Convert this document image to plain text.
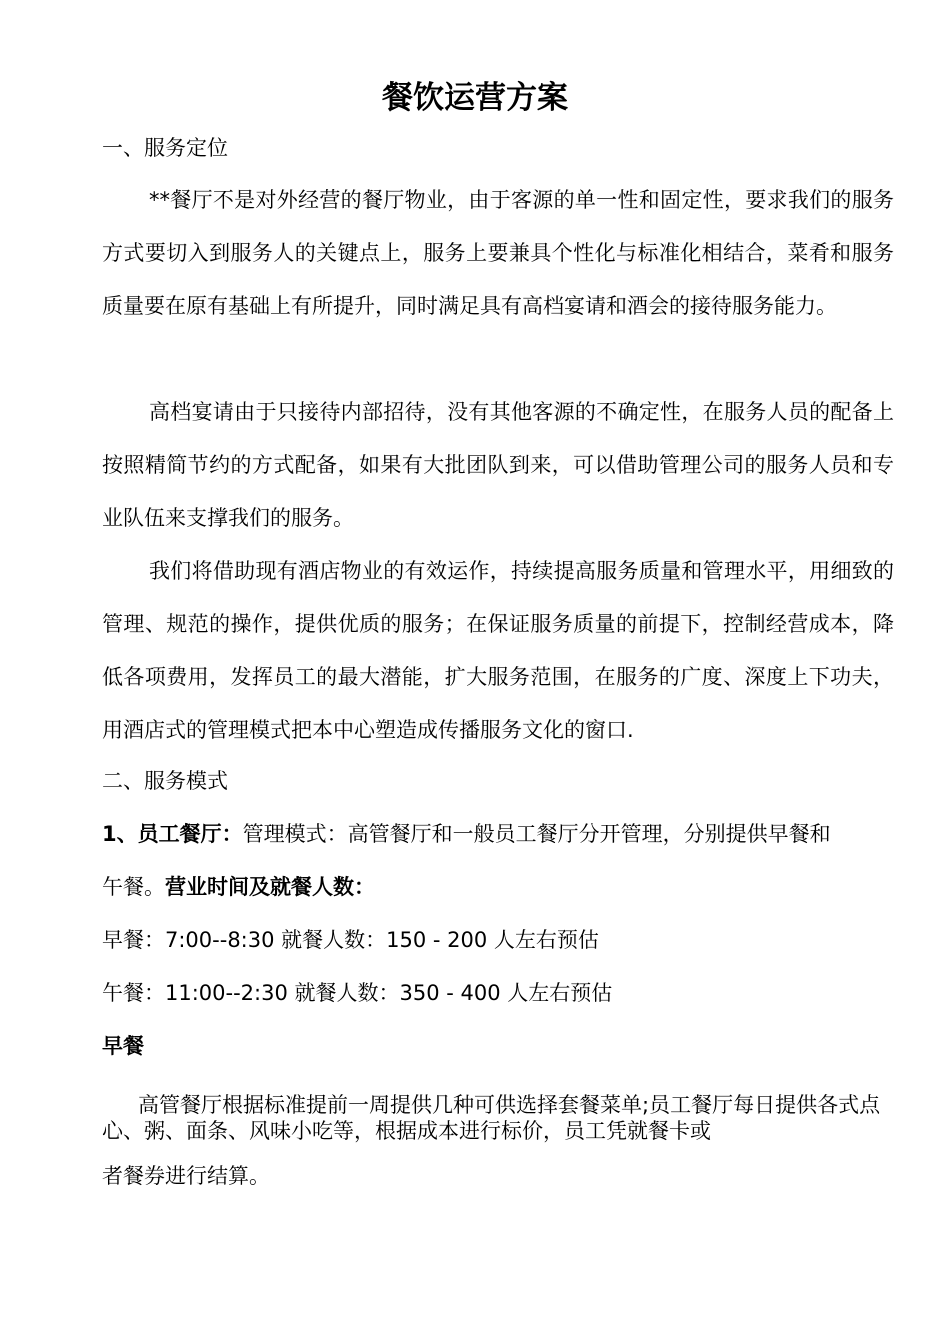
餐饮运营方案
一、服务定位

**餐厅不是对外经营的餐厅物业，由于客源的单一性和固定性，要求我们的服务方式要切入到服务人的关键点上，服务上要兼具个性化与标准化相结合，菜肴和服务质量要在原有基础上有所提升，同时满足具有高档宴请和酒会的接待服务能力。

高档宴请由于只接待内部招待，没有其他客源的不确定性，在服务人员的配备上按照精简节约的方式配备，如果有大批团队到来，可以借助管理公司的服务人员和专业队伍来支撑我们的服务。

我们将借助现有酒店物业的有效运作，持续提高服务质量和管理水平，用细致的管理、规范的操作，提供优质的服务；在保证服务质量的前提下，控制经营成本，降低各项费用，发挥员工的最大潜能，扩大服务范围，在服务的广度、深度上下功夫，用酒店式的管理模式把本中心塑造成传播服务文化的窗口.

二、服务模式
1、员工餐厅：管理模式：高管餐厅和一般员工餐厅分开管理，分别提供早餐和
午餐。营业时间及就餐人数：
早餐：7:00--8:30 就餐人数：150 - 200 人左右预估
午餐：11:00--2:30 就餐人数：350 - 400 人左右预估
早餐

高管餐厅根据标准提前一周提供几种可供选择套餐菜单;员工餐厅每日提供各式点心、粥、面条、风味小吃等，根据成本进行标价，员工凭就餐卡或

者餐券进行结算。
